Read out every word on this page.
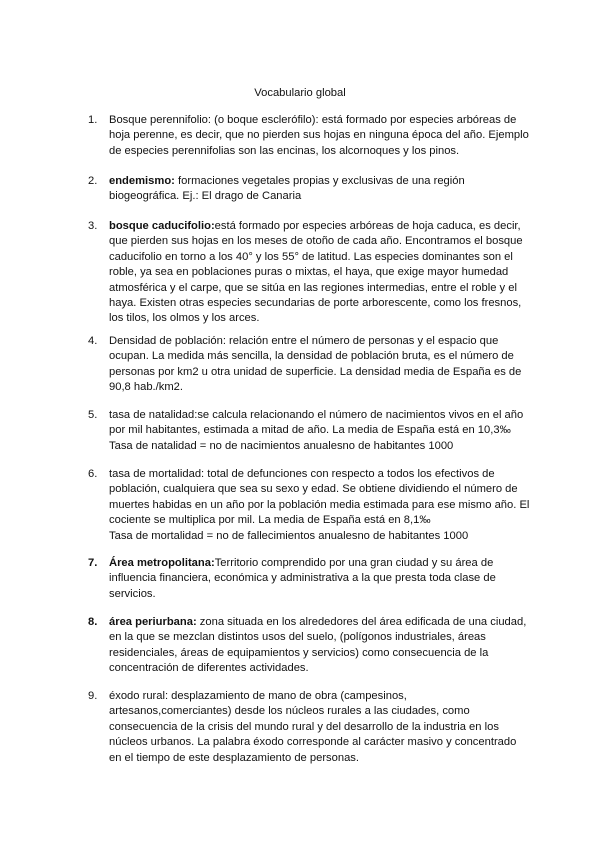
Vocabulario global
1.	Bosque perennifolio: (o boque esclerófilo): está formado por especies arbóreas de
hoja perenne, es decir, que no pierden sus hojas en ninguna época del año. Ejemplo
de especies perennifolias son las encinas, los alcornoques y los pinos.
2.	endemismo: formaciones vegetales propias y exclusivas de una región
biogeográfica. Ej.: El drago de Canaria
3.	bosque caducifolio:está formado por especies arbóreas de hoja caduca, es decir,
que pierden sus hojas en los meses de otoño de cada año. Encontramos el bosque
caducifolio en torno a los 40° y los 55° de latitud. Las especies dominantes son el
roble, ya sea en poblaciones puras o mixtas, el haya, que exige mayor humedad
atmosférica y el carpe, que se sitúa en las regiones intermedias, entre el roble y el
haya. Existen otras especies secundarias de porte arborescente, como los fresnos,
los tilos, los olmos y los arces.
4.	Densidad de población: relación entre el número de personas y el espacio que
ocupan. La medida más sencilla, la densidad de población bruta, es el número de
personas por km2 u otra unidad de superficie. La densidad media de España es de
90,8 hab./km2.
5.	tasa de natalidad:se calcula relacionando el número de nacimientos vivos en el año
por mil habitantes, estimada a mitad de año. La media de España está en 10,3‰
Tasa de natalidad = no de nacimientos anualesno de habitantes 1000
6.	tasa de mortalidad: total de defunciones con respecto a todos los efectivos de
población, cualquiera que sea su sexo y edad. Se obtiene dividiendo el número de
muertes habidas en un año por la población media estimada para ese mismo año. El
cociente se multiplica por mil. La media de España está en 8,1‰
Tasa de mortalidad = no de fallecimientos anualesno de habitantes 1000
7.	Área metropolitana:Territorio comprendido por una gran ciudad y su área de
influencia financiera, económica y administrativa a la que presta toda clase de
servicios.
8.	área periurbana: zona situada en los alrededores del área edificada de una ciudad,
en la que se mezclan distintos usos del suelo, (polígonos industriales, áreas
residenciales, áreas de equipamientos y servicios) como consecuencia de la
concentración de diferentes actividades.
9.	éxodo rural: desplazamiento de mano de obra (campesinos,
artesanos,comerciantes) desde los núcleos rurales a las ciudades, como
consecuencia de la crisis del mundo rural y del desarrollo de la industria en los
núcleos urbanos. La palabra éxodo corresponde al carácter masivo y concentrado
en el tiempo de este desplazamiento de personas.
